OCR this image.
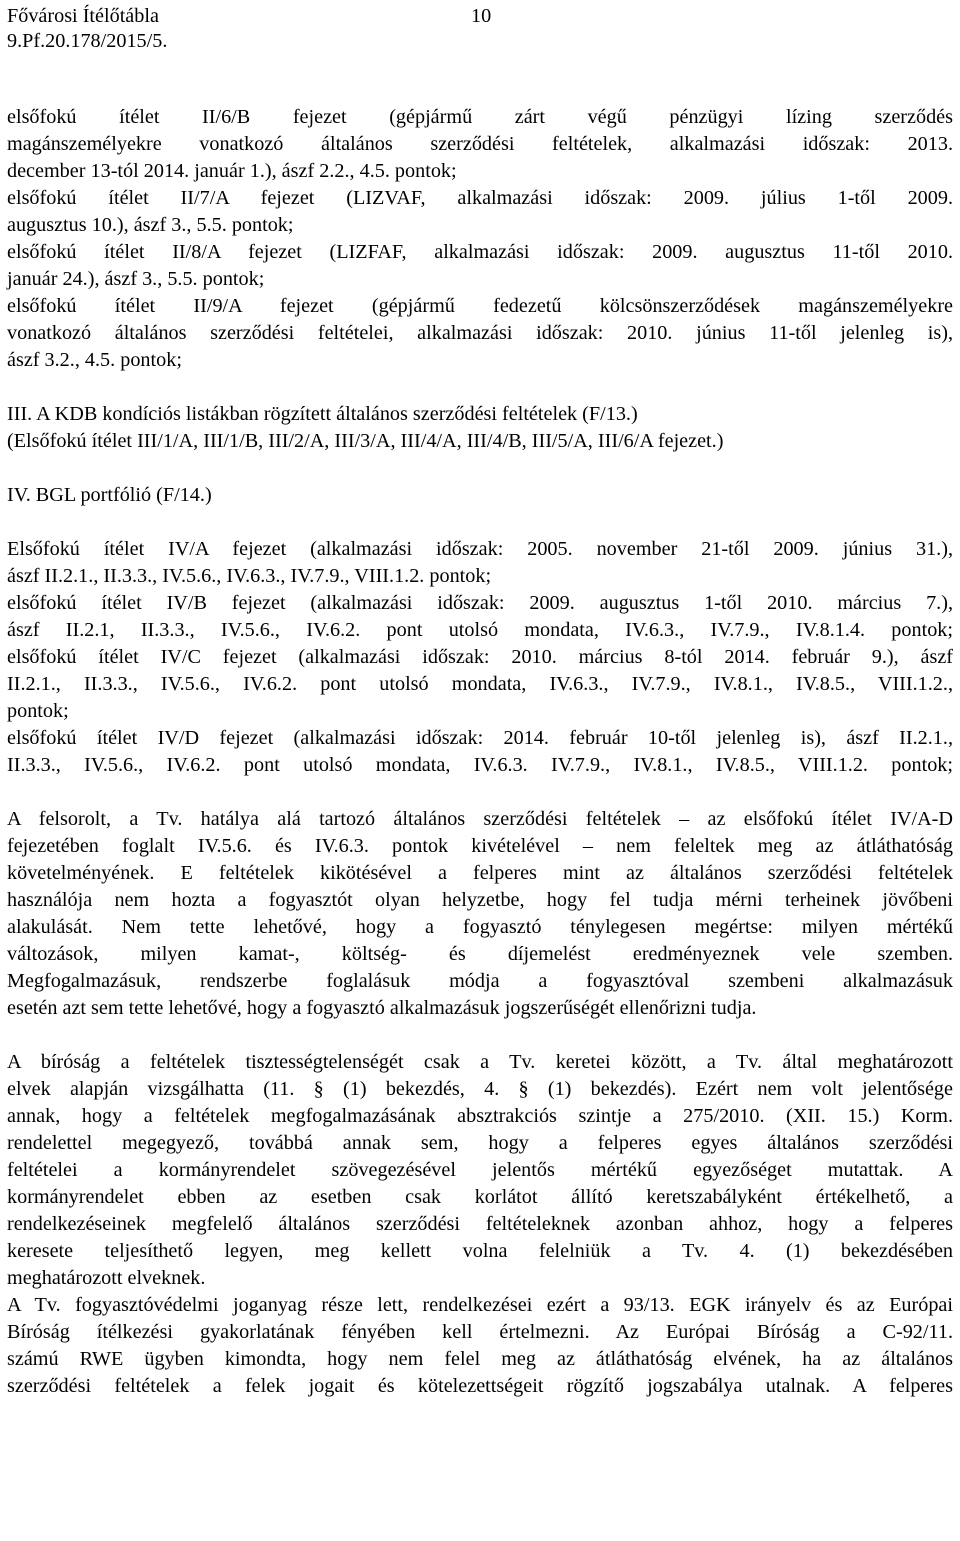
Fővárosi Ítélőtábla
9.Pf.20.178/2015/5.
10
elsőfokú ítélet II/6/B fejezet (gépjármű zárt végű pénzügyi lízing szerződés
magánszemélyekre vonatkozó általános szerződési feltételek, alkalmazási időszak: 2013.
december 13-tól 2014. január 1.), ászf 2.2., 4.5. pontok;
elsőfokú ítélet II/7/A fejezet (LIZVAF, alkalmazási időszak: 2009. július 1-től 2009.
augusztus 10.), ászf 3., 5.5. pontok;
elsőfokú ítélet II/8/A fejezet (LIZFAF, alkalmazási időszak: 2009. augusztus 11-től 2010.
január 24.), ászf 3., 5.5. pontok;
elsőfokú ítélet II/9/A fejezet (gépjármű fedezetű kölcsönszerződések magánszemélyekre
vonatkozó általános szerződési feltételei, alkalmazási időszak: 2010. június 11-től jelenleg is),
ászf 3.2., 4.5. pontok;
III. A KDB kondíciós listákban rögzített általános szerződési feltételek (F/13.)
(Elsőfokú ítélet III/1/A, III/1/B, III/2/A, III/3/A, III/4/A, III/4/B, III/5/A, III/6/A fejezet.)
IV. BGL portfólió (F/14.)
Elsőfokú ítélet IV/A fejezet (alkalmazási időszak: 2005. november 21-től 2009. június 31.),
ászf II.2.1., II.3.3., IV.5.6., IV.6.3., IV.7.9., VIII.1.2. pontok;
elsőfokú ítélet IV/B fejezet (alkalmazási időszak: 2009. augusztus 1-től 2010. március 7.),
ászf II.2.1, II.3.3., IV.5.6., IV.6.2. pont utolsó mondata, IV.6.3., IV.7.9., IV.8.1.4. pontok;
elsőfokú ítélet IV/C fejezet (alkalmazási időszak: 2010. március 8-tól 2014. február 9.), ászf
II.2.1., II.3.3., IV.5.6., IV.6.2. pont utolsó mondata, IV.6.3., IV.7.9., IV.8.1., IV.8.5., VIII.1.2.,
pontok;
elsőfokú ítélet IV/D fejezet (alkalmazási időszak: 2014. február 10-től jelenleg is), ászf II.2.1.,
II.3.3., IV.5.6., IV.6.2. pont utolsó mondata, IV.6.3. IV.7.9., IV.8.1., IV.8.5., VIII.1.2. pontok;
A felsorolt, a Tv. hatálya alá tartozó általános szerződési feltételek – az elsőfokú ítélet IV/A-D
fejezetében foglalt IV.5.6. és IV.6.3. pontok kivételével – nem feleltek meg az átláthatóság
követelményének. E feltételek kikötésével a felperes mint az általános szerződési feltételek
használója nem hozta a fogyasztót olyan helyzetbe, hogy fel tudja mérni terheinek jövőbeni
alakulását. Nem tette lehetővé, hogy a fogyasztó ténylegesen megértse: milyen mértékű
változások, milyen kamat-, költség- és díjemelést eredményeznek vele szemben.
Megfogalmazásuk, rendszerbe foglalásuk módja a fogyasztóval szembeni alkalmazásuk
esetén azt sem tette lehetővé, hogy a fogyasztó alkalmazásuk jogszerűségét ellenőrizni tudja.
A bíróság a feltételek tisztességtelenségét csak a Tv. keretei között, a Tv. által meghatározott
elvek alapján vizsgálhatta (11. § (1) bekezdés, 4. § (1) bekezdés). Ezért nem volt jelentősége
annak, hogy a feltételek megfogalmazásának absztrakciós szintje a 275/2010. (XII. 15.) Korm.
rendelettel megegyező, továbbá annak sem, hogy a felperes egyes általános szerződési
feltételei a kormányrendelet szövegezésével jelentős mértékű egyezőséget mutattak. A
kormányrendelet ebben az esetben csak korlátot állító keretszabályként értékelhető, a
rendelkezéseinek megfelelő általános szerződési feltételeknek azonban ahhoz, hogy a felperes
keresete teljesíthető legyen, meg kellett volna felelniük a Tv. 4. (1) bekezdésében
meghatározott elveknek.
A Tv. fogyasztóvédelmi joganyag része lett, rendelkezései ezért a 93/13. EGK irányelv és az Európai
Bíróság ítélkezési gyakorlatának fényében kell értelmezni. Az Európai Bíróság a C-92/11.
számú RWE ügyben kimondta, hogy nem felel meg az átláthatóság elvének, ha az általános
szerződési feltételek a felek jogait és kötelezettségeit rögzítő jogszabálya utalnak. A felperes
